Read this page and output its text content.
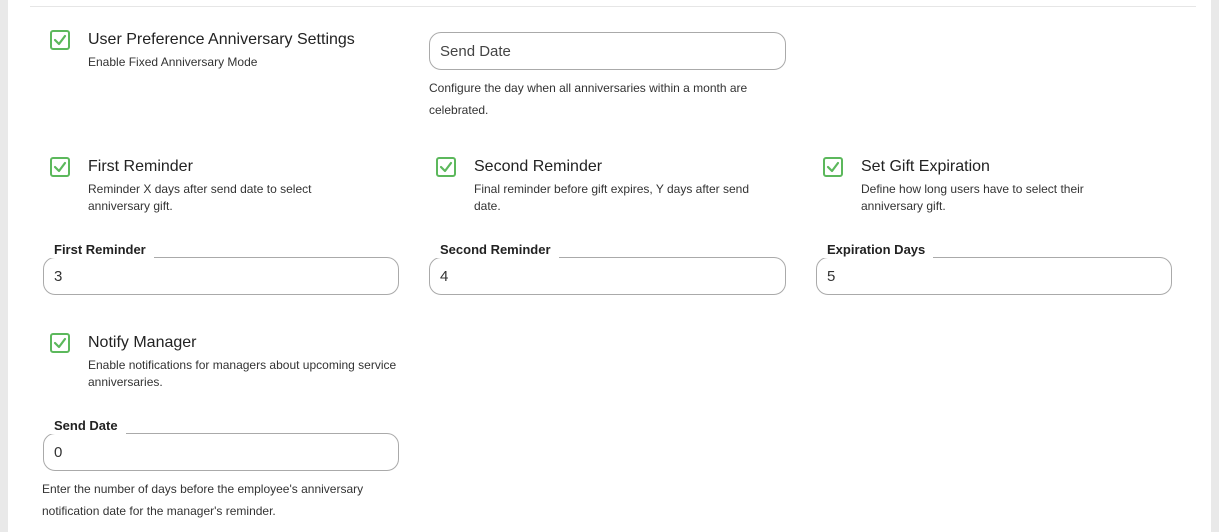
User Preference Anniversary Settings
Enable Fixed Anniversary Mode
Send Date
Configure the day when all anniversaries within a month are celebrated.
First Reminder
Reminder X days after send date to select anniversary gift.
3
First Reminder
Second Reminder
Final reminder before gift expires, Y days after send date.
4
Second Reminder
Set Gift Expiration
Define how long users have to select their anniversary gift.
5
Expiration Days
Notify Manager
Enable notifications for managers about upcoming service anniversaries.
0
Send Date
Enter the number of days before the employee's anniversary notification date for the manager's reminder.
